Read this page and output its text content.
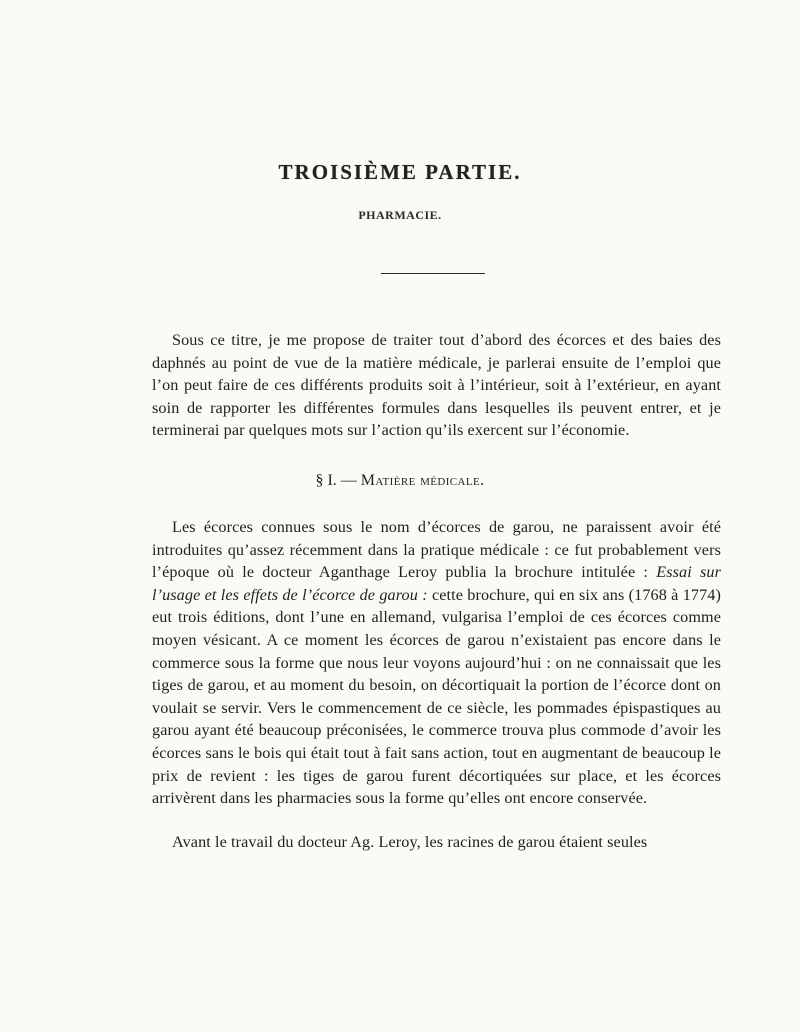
TROISIÈME PARTIE.
PHARMACIE.
Sous ce titre, je me propose de traiter tout d’abord des écorces et des baies des daphnés au point de vue de la matière médicale, je parlerai ensuite de l’emploi que l’on peut faire de ces différents produits soit à l’intérieur, soit à l’extérieur, en ayant soin de rapporter les différentes formules dans lesquelles ils peuvent entrer, et je terminerai par quelques mots sur l’action qu’ils exercent sur l’économie.
§ I. — Matière médicale.
Les écorces connues sous le nom d’écorces de garou, ne paraissent avoir été introduites qu’assez récemment dans la pratique médicale : ce fut probablement vers l’époque où le docteur Aganthage Leroy publia la brochure intitulée : Essai sur l’usage et les effets de l’écorce de garou : cette brochure, qui en six ans (1768 à 1774) eut trois éditions, dont l’une en allemand, vulgarisa l’emploi de ces écorces comme moyen vésicant. A ce moment les écorces de garou n’existaient pas encore dans le commerce sous la forme que nous leur voyons aujourd’hui : on ne connaissait que les tiges de garou, et au moment du besoin, on décortiquait la portion de l’écorce dont on voulait se servir. Vers le commencement de ce siècle, les pommades épispastiques au garou ayant été beaucoup préconisées, le commerce trouva plus commode d’avoir les écorces sans le bois qui était tout à fait sans action, tout en augmentant de beaucoup le prix de revient : les tiges de garou furent décortiquées sur place, et les écorces arrivèrent dans les pharmacies sous la forme qu’elles ont encore conservée.
Avant le travail du docteur Ag. Leroy, les racines de garou étaient seules
